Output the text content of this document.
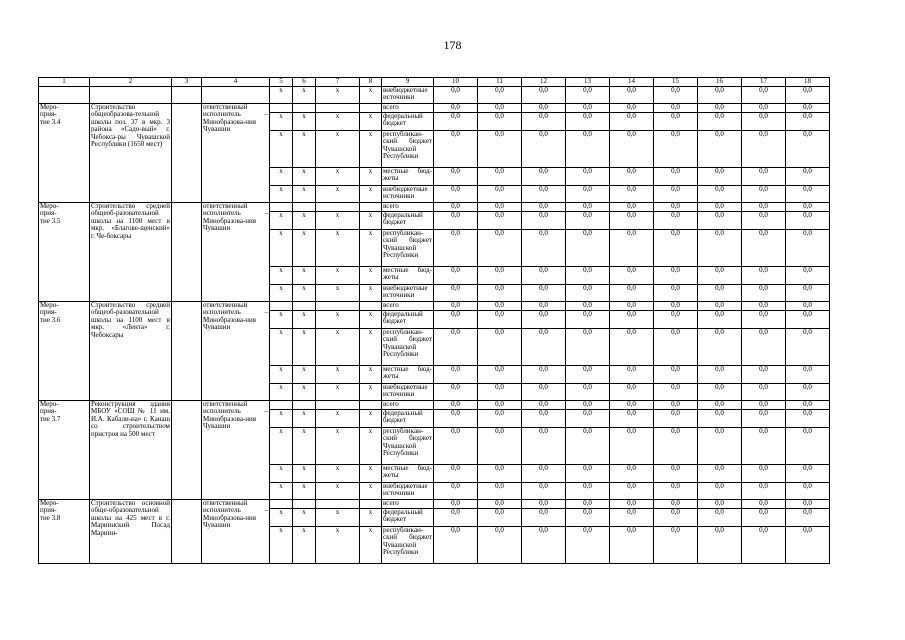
178
1	2	3	4	5	6	7	8	9	10	11	12	13	14	15	16	17	18
				х	х	х	х	внебюджетные источники	0,0	0,0	0,0	0,0	0,0	0,0	0,0	0,0	0,0

Меро-
прия-
тие 3.4	Строительство общеобразова-тельной школы поз. 37 в мкр. 3 района «Садо-вый» г. Чебокса-ры Чувашской Республики (1650 мест)		ответственный исполнитель – Минобразова-ния Чувашии					всего	0,0	0,0	0,0	0,0	0,0	0,0	0,0	0,0	0,0
				х	х	х	х	федеральный бюджет	0,0	0,0	0,0	0,0	0,0	0,0	0,0	0,0	0,0
				х	х	х	х	республикан-ский бюджет Чувашской Республики	0,0	0,0	0,0	0,0	0,0	0,0	0,0	0,0	0,0
				х	х	х	х	местные бюд-жеты	0,0	0,0	0,0	0,0	0,0	0,0	0,0	0,0	0,0
				х	х	х	х	внебюджетные источники	0,0	0,0	0,0	0,0	0,0	0,0	0,0	0,0	0,0

Меро-
прия-
тие 3.5	Строительство средней общеоб-разовательной школы на 1100 мест в мкр. «Благове-щенский» г. Че-боксары		ответственный исполнитель – Минобразова-ния Чувашии					всего	0,0	0,0	0,0	0,0	0,0	0,0	0,0	0,0	0,0
				х	х	х	х	федеральный бюджет	0,0	0,0	0,0	0,0	0,0	0,0	0,0	0,0	0,0
				х	х	х	х	республикан-ский бюджет Чувашской Республики	0,0	0,0	0,0	0,0	0,0	0,0	0,0	0,0	0,0
				х	х	х	х	местные бюд-жеты	0,0	0,0	0,0	0,0	0,0	0,0	0,0	0,0	0,0
				х	х	х	х	внебюджетные источники	0,0	0,0	0,0	0,0	0,0	0,0	0,0	0,0	0,0

Меро-
прия-
тие 3.6	Строительство средней общеоб-разовательной школы на 1100 мест в мкр. «Лента» г. Чебоксары		ответственный исполнитель – Минобразова-ния Чувашии					всего	0,0	0,0	0,0	0,0	0,0	0,0	0,0	0,0	0,0
				х	х	х	х	федеральный бюджет	0,0	0,0	0,0	0,0	0,0	0,0	0,0	0,0	0,0
				х	х	х	х	республикан-ский бюджет Чувашской Республики	0,0	0,0	0,0	0,0	0,0	0,0	0,0	0,0	0,0
				х	х	х	х	местные бюд-жеты	0,0	0,0	0,0	0,0	0,0	0,0	0,0	0,0	0,0
				х	х	х	х	внебюджетные источники	0,0	0,0	0,0	0,0	0,0	0,0	0,0	0,0	0,0

Меро-
прия-
тие 3.7	Реконструкция здания МБОУ «СОШ № 11 им. И.А. Кабали-на» г. Канаш со строительством пристроя на 500 мест		ответственный исполнитель – Минобразова-ния Чувашии					всего	0,0	0,0	0,0	0,0	0,0	0,0	0,0	0,0	0,0
				х	х	х	х	федеральный бюджет	0,0	0,0	0,0	0,0	0,0	0,0	0,0	0,0	0,0
				х	х	х	х	республикан-ский бюджет Чувашской Республики	0,0	0,0	0,0	0,0	0,0	0,0	0,0	0,0	0,0
				х	х	х	х	местные бюд-жеты	0,0	0,0	0,0	0,0	0,0	0,0	0,0	0,0	0,0
				х	х	х	х	внебюджетные источники	0,0	0,0	0,0	0,0	0,0	0,0	0,0	0,0	0,0

Меро-
прия-
тие 3.8	Строительство основной обще-образовательной школы на 425 мест в г. Мариинский Посад Мариин-		ответственный исполнитель – Минобразова-ния Чувашии					всего	0,0	0,0	0,0	0,0	0,0	0,0	0,0	0,0	0,0
				х	х	х	х	федеральный бюджет	0,0	0,0	0,0	0,0	0,0	0,0	0,0	0,0	0,0
				х	х	х	х	республикан-ский бюджет Чувашской Республики	0,0	0,0	0,0	0,0	0,0	0,0	0,0	0,0	0,0
